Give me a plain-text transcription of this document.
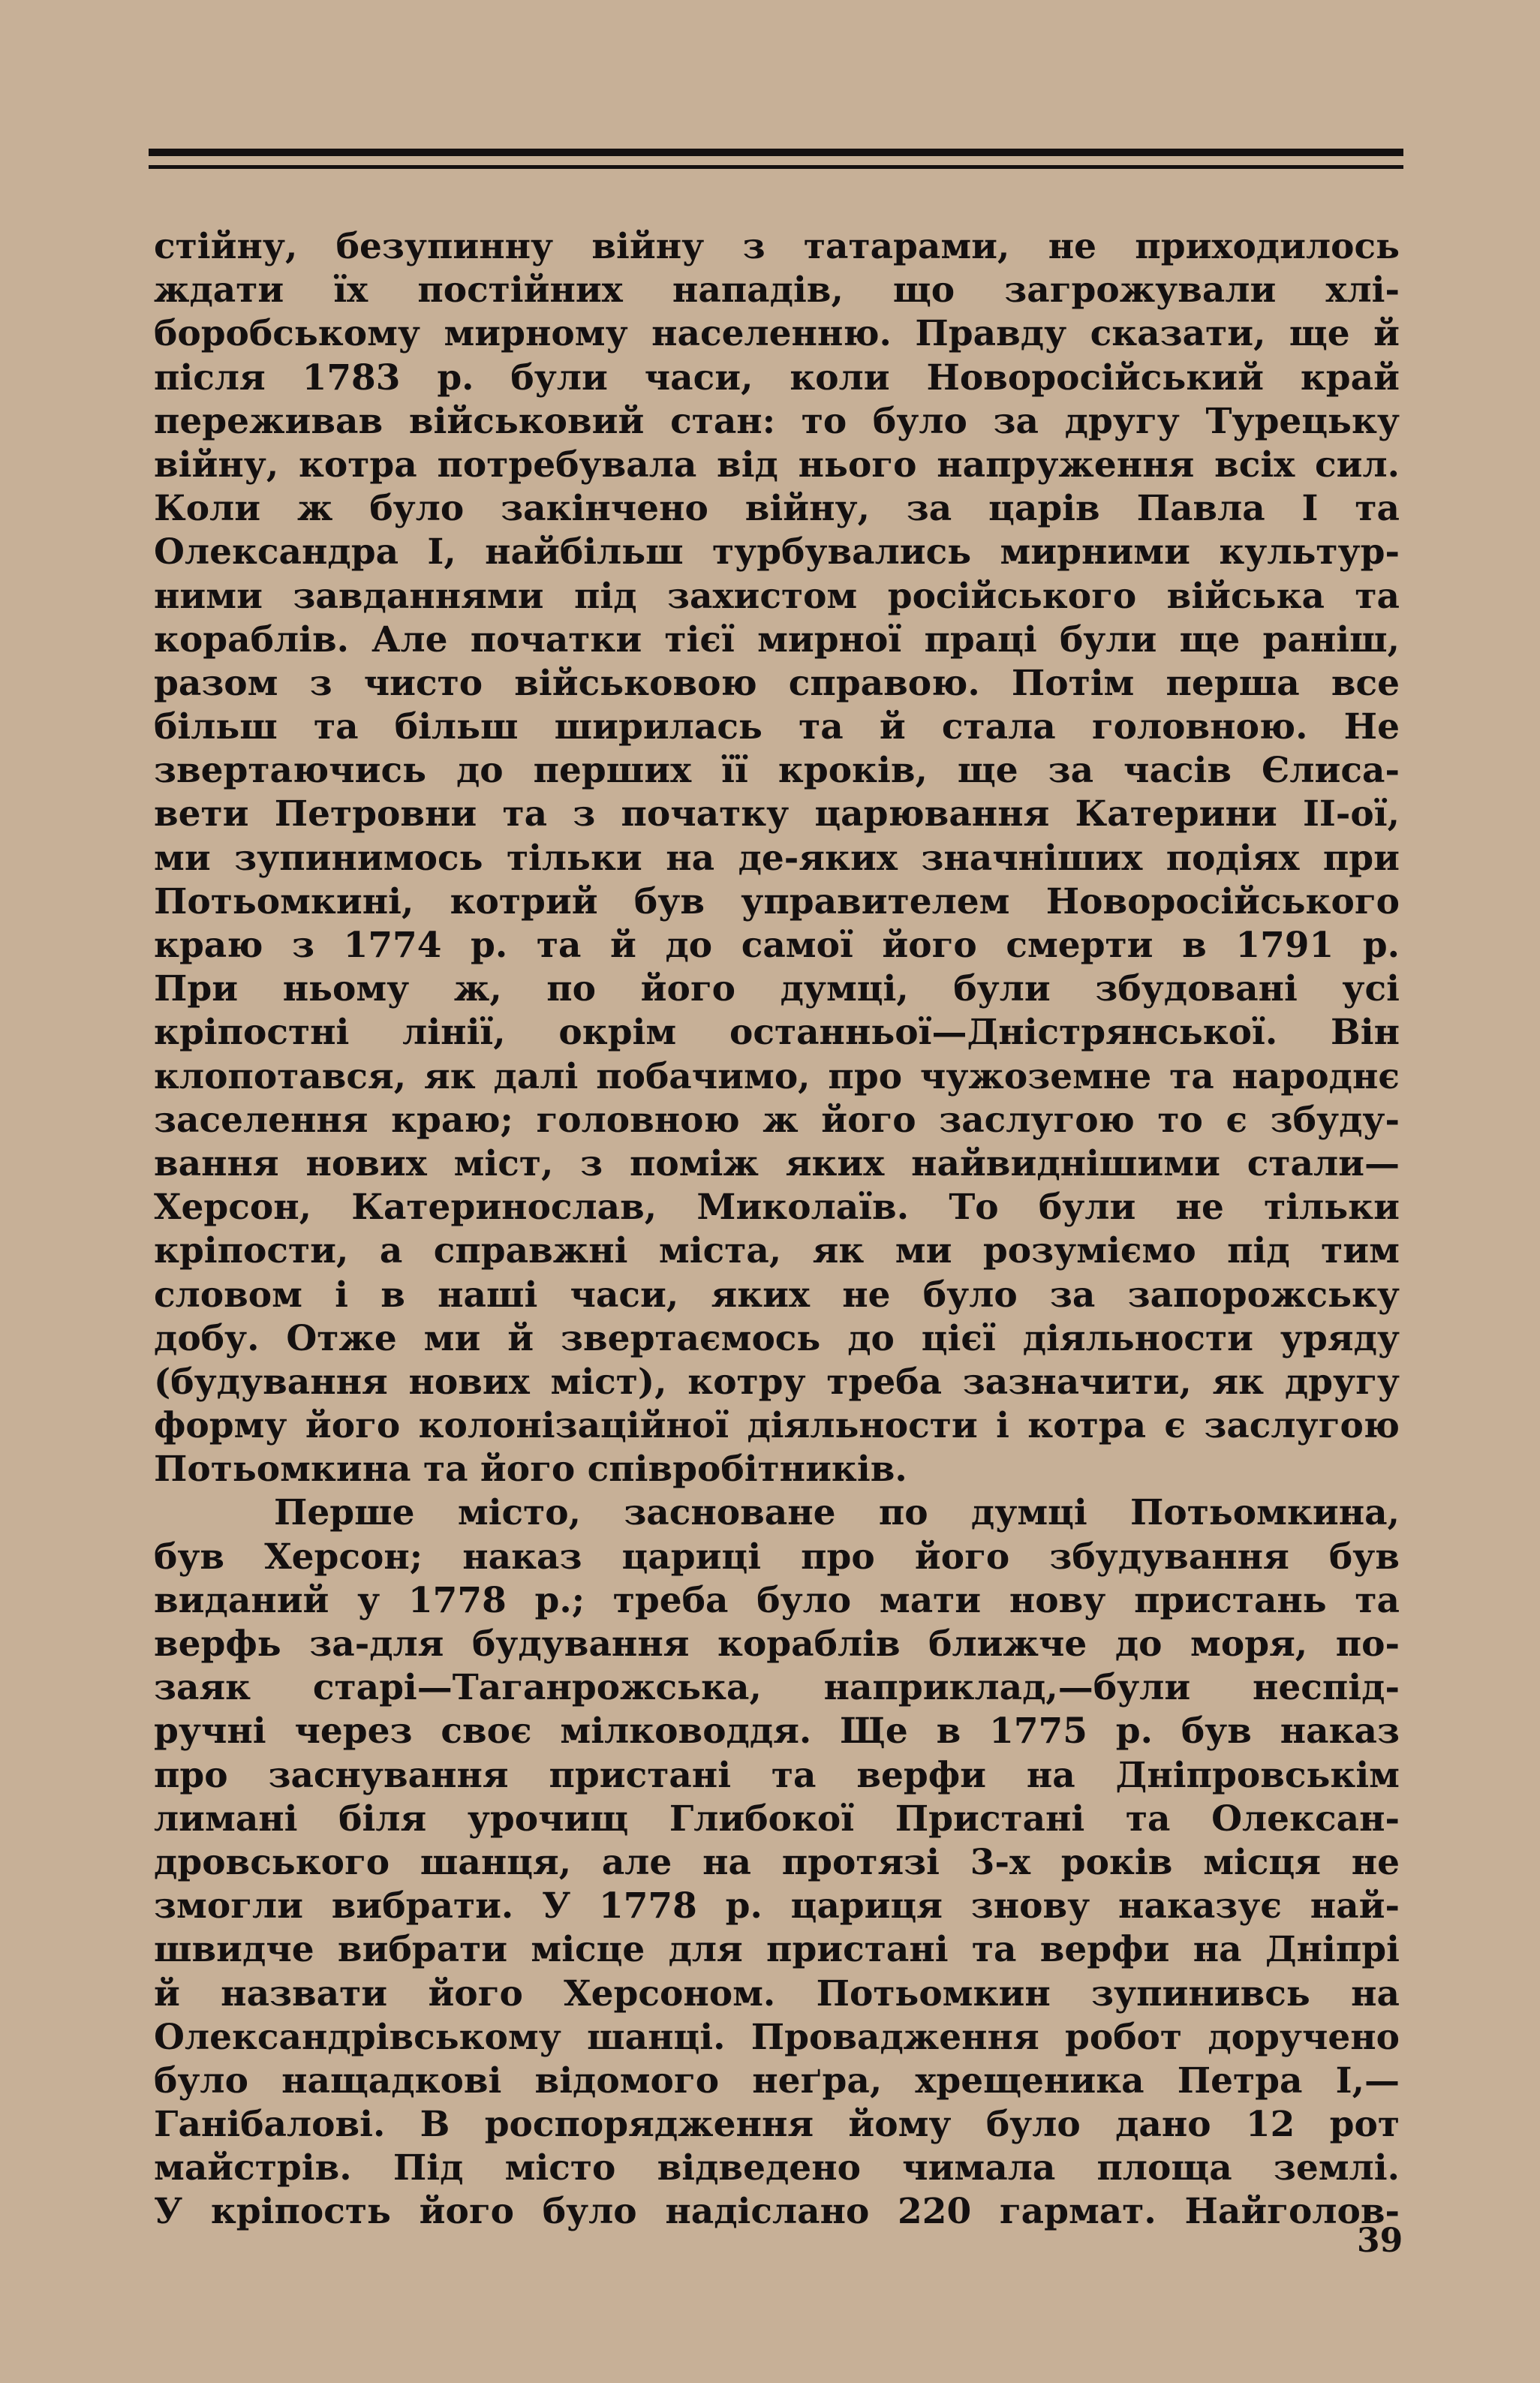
стійну, безупинну війну з татарами, не приходилось
ждати їх постійних нападів, що загрожували хлі-
боробському мирному населенню. Правду сказати, ще й
після 1783 р. були часи, коли Новоросійський край
переживав військовий стан: то було за другу Турецьку
війну, котра потребувала від нього напруження всіх сил.
Коли ж було закінчено війну, за царів Павла І та
Олександра І, найбільш турбувались мирними культур-
ними завданнями під захистом російського війська та
кораблів. Але початки тієї мирної праці були ще раніш,
разом з чисто військовою справою. Потім перша все
більш та більш ширилась та й стала головною. Не
звертаючись до перших її кроків, ще за часів Єлиса-
вети Петровни та з початку царювання Катерини ІІ-ої,
ми зупинимось тільки на де-яких значніших подіях при
Потьомкині, котрий був управителем Новоросійського
краю з 1774 р. та й до самої його смерти в 1791 р.
При ньому ж, по його думці, були збудовані усі
кріпостні лінії, окрім останньої—Дністрянської. Він
клопотався, як далі побачимо, про чужоземне та народнє
заселення краю; головною ж його заслугою то є збуду-
вання нових міст, з поміж яких найвиднішими стали—
Херсон, Катеринослав, Миколаїв. То були не тільки
кріпости, а справжні міста, як ми розуміємо під тим
словом і в наші часи, яких не було за запорожську
добу. Отже ми й звертаємось до цієї діяльности уряду
(будування нових міст), котру треба зазначити, як другу
форму його колонізаційної діяльности і котра є заслугою
Потьомкина та його співробітників.
Перше місто, засноване по думці Потьомкина,
був Херсон; наказ цариці про його збудування був
виданий у 1778 р.; треба було мати нову пристань та
верфь за-для будування кораблів ближче до моря, по-
заяк старі—Таганрожська, наприклад,—були неспід-
ручні через своє мілководдя. Ще в 1775 р. був наказ
про заснування пристані та верфи на Дніпровськім
лимані біля урочищ Глибокої Пристані та Олексан-
дровського шанця, але на протязі 3-х років місця не
змогли вибрати. У 1778 р. цариця знову наказує най-
швидче вибрати місце для пристані та верфи на Дніпрі
й назвати його Херсоном. Потьомкин зупинивсь на
Олександрівському шанці. Провадження робот доручено
було нащадкові відомого неґра, хрещеника Петра І,—
Ганібалові. В роспорядження йому було дано 12 рот
майстрів. Під місто відведено чимала площа землі.
У кріпость його було надіслано 220 гармат. Найголов-
39
